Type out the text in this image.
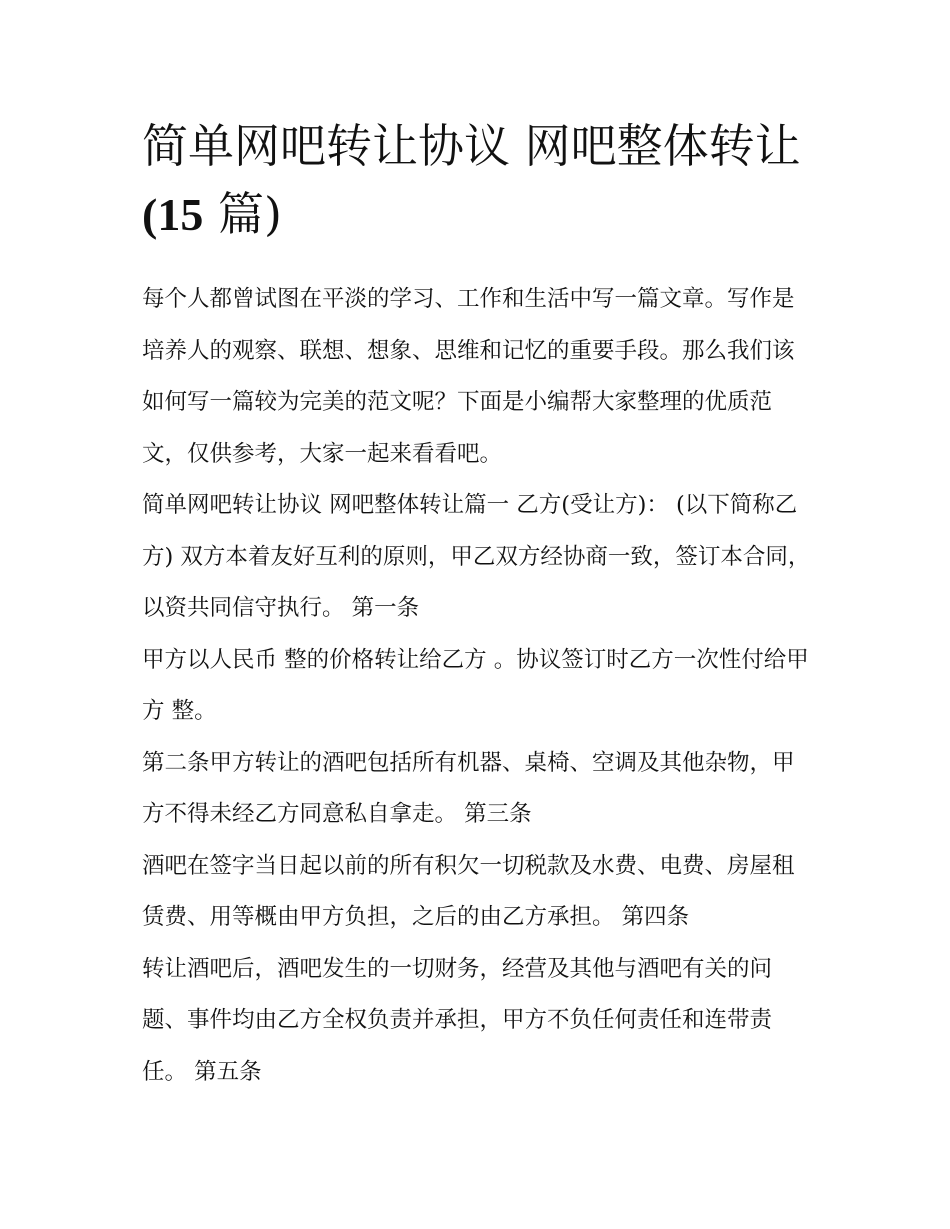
简单网吧转让协议 网吧整体转让(15 篇)

每个人都曾试图在平淡的学习、工作和生活中写一篇文章。写作是培养人的观察、联想、想象、思维和记忆的重要手段。那么我们该如何写一篇较为完美的范文呢？下面是小编帮大家整理的优质范文，仅供参考，大家一起来看看吧。

简单网吧转让协议 网吧整体转让篇一 乙方(受让方)： (以下简称乙方) 双方本着友好互利的原则，甲乙双方经协商一致，签订本合同，以资共同信守执行。 第一条

甲方以人民币 整的价格转让给乙方 。协议签订时乙方一次性付给甲方 整。

第二条甲方转让的酒吧包括所有机器、桌椅、空调及其他杂物，甲方不得未经乙方同意私自拿走。 第三条

酒吧在签字当日起以前的所有积欠一切税款及水费、电费、房屋租赁费、用等概由甲方负担，之后的由乙方承担。 第四条

转让酒吧后，酒吧发生的一切财务，经营及其他与酒吧有关的问题、事件均由乙方全权负责并承担，甲方不负任何责任和连带责任。 第五条
